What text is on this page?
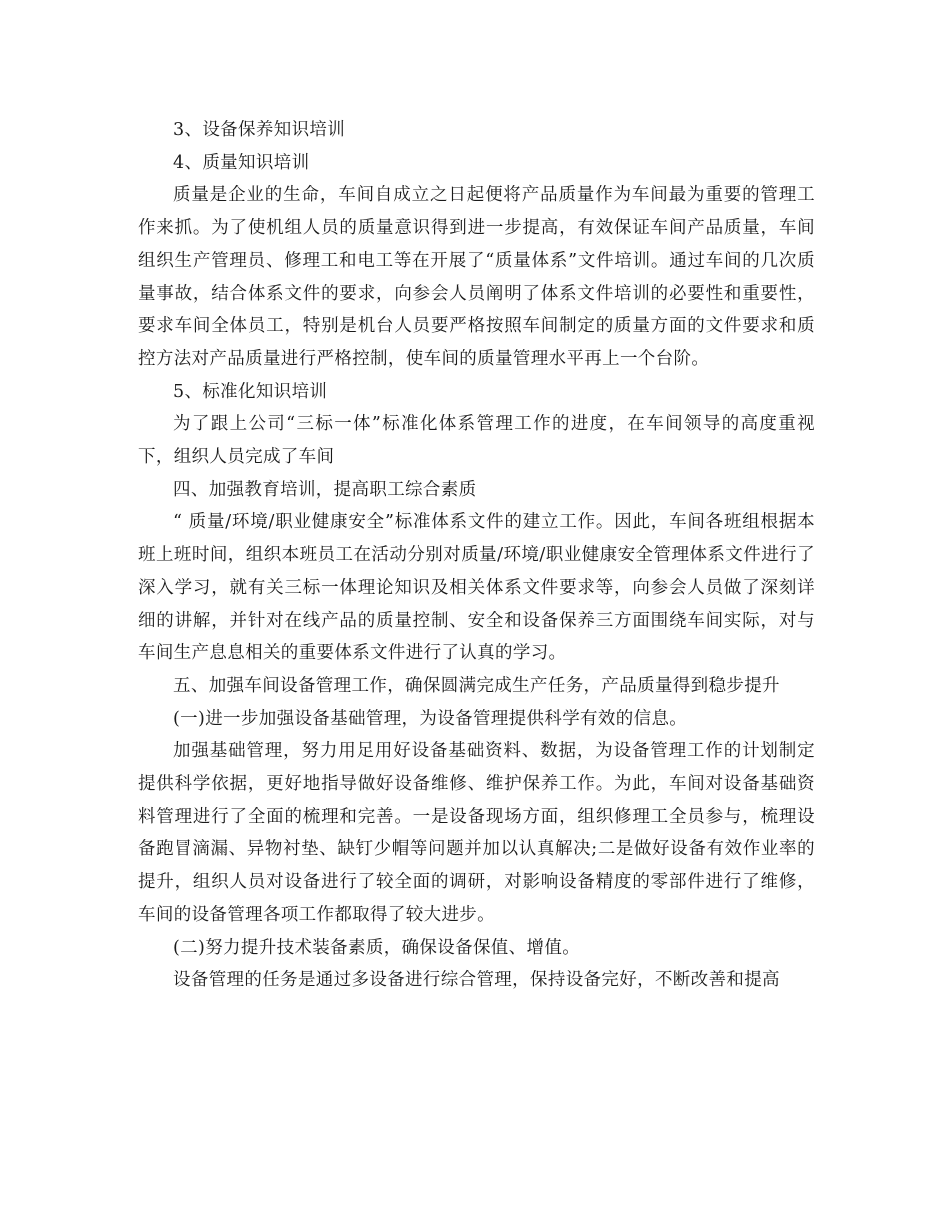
3、设备保养知识培训

4、质量知识培训

质量是企业的生命，车间自成立之日起便将产品质量作为车间最为重要的管理工作来抓。为了使机组人员的质量意识得到进一步提高，有效保证车间产品质量，车间组织生产管理员、修理工和电工等在开展了“质量体系”文件培训。通过车间的几次质量事故，结合体系文件的要求，向参会人员阐明了体系文件培训的必要性和重要性，要求车间全体员工，特别是机台人员要严格按照车间制定的质量方面的文件要求和质控方法对产品质量进行严格控制，使车间的质量管理水平再上一个台阶。

5、标准化知识培训

为了跟上公司“三标一体”标准化体系管理工作的进度，在车间领导的高度重视下，组织人员完成了车间

四、加强教育培训，提高职工综合素质

“ 质量/环境/职业健康安全”标准体系文件的建立工作。因此，车间各班组根据本班上班时间，组织本班员工在活动分别对质量/环境/职业健康安全管理体系文件进行了深入学习，就有关三标一体理论知识及相关体系文件要求等，向参会人员做了深刻详细的讲解，并针对在线产品的质量控制、安全和设备保养三方面围绕车间实际，对与车间生产息息相关的重要体系文件进行了认真的学习。

五、加强车间设备管理工作，确保圆满完成生产任务，产品质量得到稳步提升

(一)进一步加强设备基础管理，为设备管理提供科学有效的信息。

加强基础管理，努力用足用好设备基础资料、数据，为设备管理工作的计划制定提供科学依据，更好地指导做好设备维修、维护保养工作。为此，车间对设备基础资料管理进行了全面的梳理和完善。一是设备现场方面，组织修理工全员参与，梳理设备跑冒滴漏、异物衬垫、缺钉少帽等问题并加以认真解决;二是做好设备有效作业率的提升，组织人员对设备进行了较全面的调研，对影响设备精度的零部件进行了维修，车间的设备管理各项工作都取得了较大进步。

(二)努力提升技术装备素质，确保设备保值、增值。

设备管理的任务是通过多设备进行综合管理，保持设备完好，不断改善和提高
